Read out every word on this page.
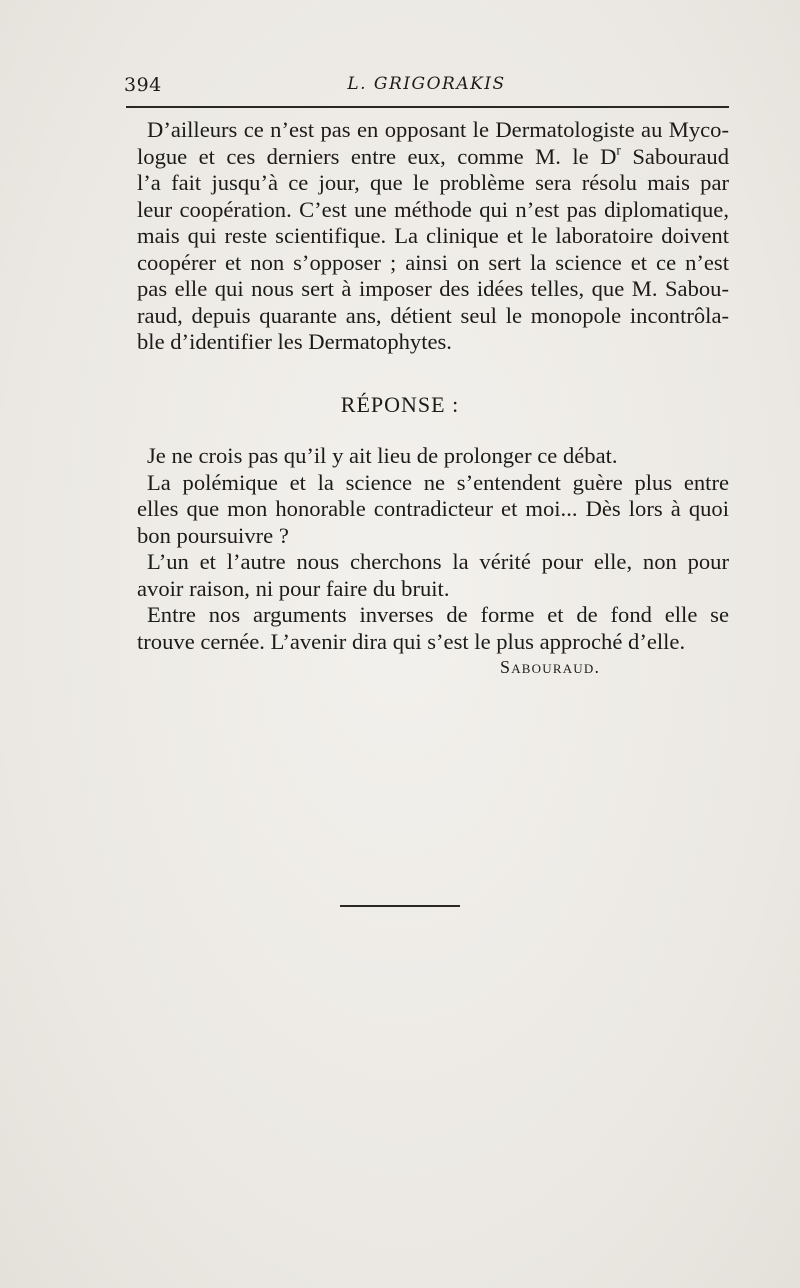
394	L. GRIGORAKIS
D’ailleurs ce n’est pas en opposant le Dermatologiste au Myco-
logue et ces derniers entre eux, comme M. le $D^r$ Sabouraud
l’a fait jusqu’à ce jour, que le problème sera résolu mais par
leur coopération. C’est une méthode qui n’est pas diplomatique,
mais qui reste scientifique. La clinique et le laboratoire doivent
coopérer et non s’opposer ; ainsi on sert la science et ce n’est
pas elle qui nous sert à imposer des idées telles, que M. Sabou-
raud, depuis quarante ans, détient seul le monopole incontrôla-
ble d’identifier les Dermatophytes.
RÉPONSE :
Je ne crois pas qu’il y ait lieu de prolonger ce débat.
La polémique et la science ne s’entendent guère plus entre
elles que mon honorable contradicteur et moi... Dès lors à quoi
bon poursuivre ?
L’un et l’autre nous cherchons la vérité pour elle, non pour
avoir raison, ni pour faire du bruit.
Entre nos arguments inverses de forme et de fond elle se
trouve cernée. L’avenir dira qui s’est le plus approché d’elle.
Sabouraud.
